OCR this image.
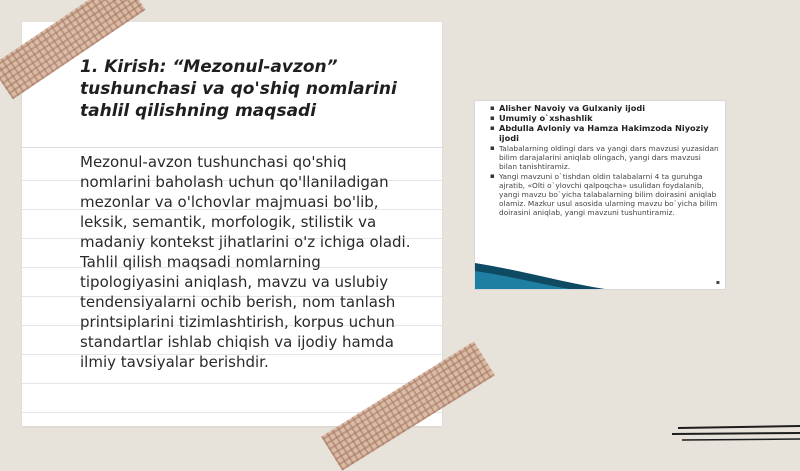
1. Kirish: “Mezonul-avzon” tushunchasi va qo'shiq nomlarini tahlil qilishning maqsadi

Mezonul-avzon tushunchasi qo'shiq nomlarini baholash uchun qo'llaniladigan mezonlar va o'lchovlar majmuasi bo'lib, leksik, semantik, morfologik, stilistik va madaniy kontekst jihatlarini o'z ichiga oladi. Tahlil qilish maqsadi nomlarning tipologiyasini aniqlash, mavzu va uslubiy tendensiyalarni ochib berish, nom tanlash printsiplarini tizimlashtirish, korpus uchun standartlar ishlab chiqish va ijodiy hamda ilmiy tavsiyalar berishdir.

▪ Alisher Navoiy va Gulxaniy ijodi
▪ Umumiy o`xshashlik
▪ Abdulla Avloniy va Hamza Hakimzoda Niyoziy ijodi
▪ Talabalarning oldingi dars va yangi dars mavzusi yuzasidan bilim darajalarini aniqlab olingach, yangi dars mavzusi bilan tanishtiramiz.
▪ Yangi mavzuni o`tishdan oldin talabalarni 4 ta guruhga ajratib, «Olti o`ylovchi qalpoqcha» usulidan foydalanib, yangi mavzu bo`yicha talabalarning bilim doirasini aniqlab olamiz. Mazkur usul asosida ularning mavzu bo`yicha bilim doirasini aniqlab, yangi mavzuni tushuntiramiz.
▪
